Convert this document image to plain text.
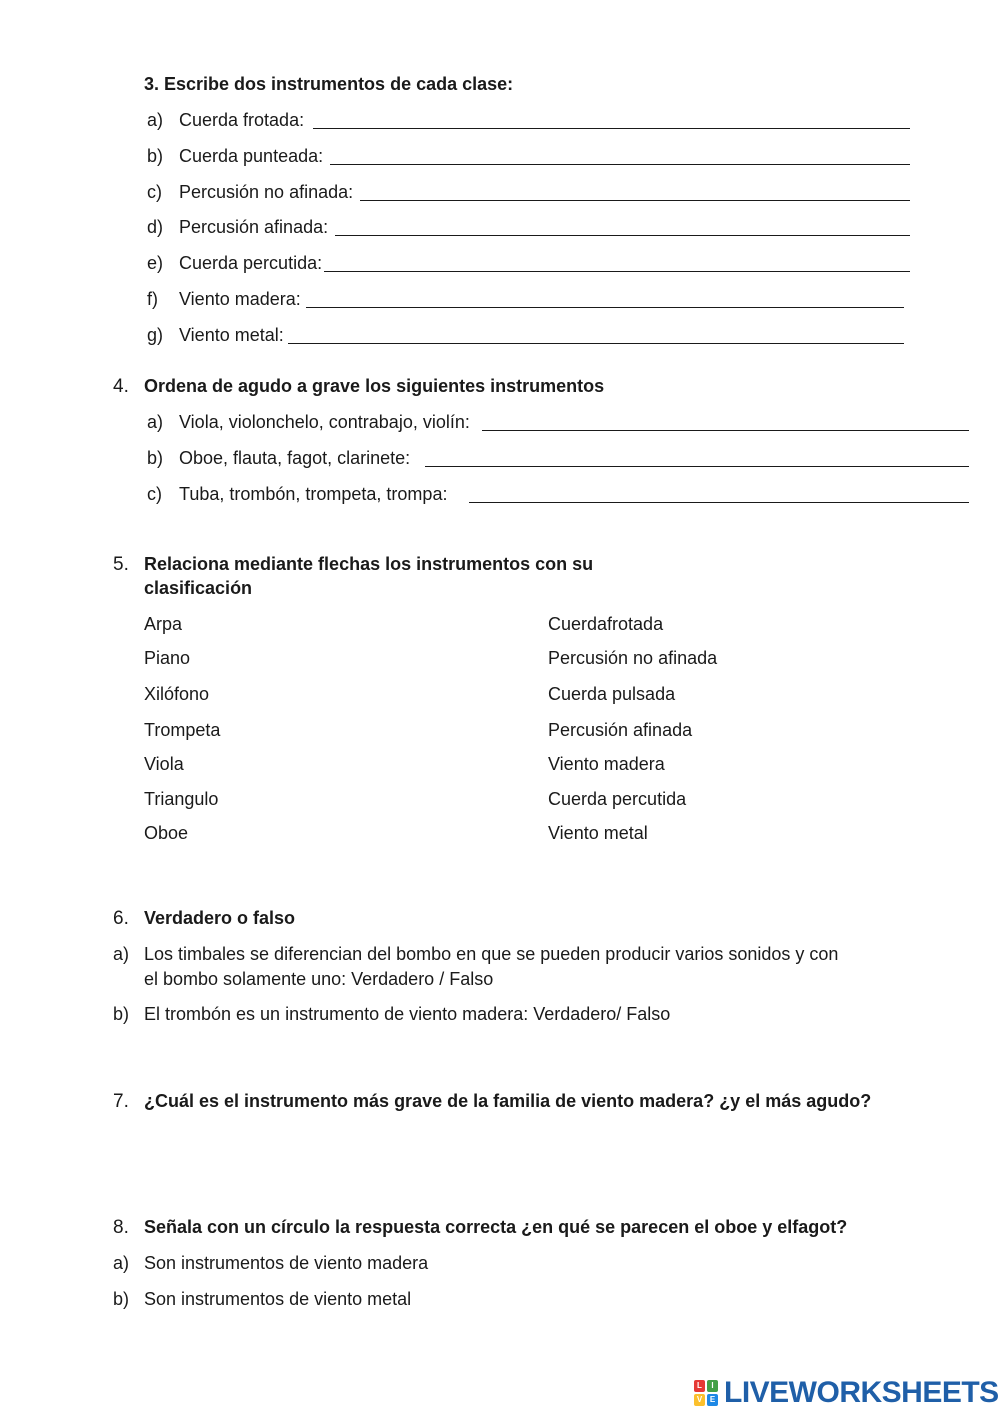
3. Escribe dos instrumentos de cada clase:
a) Cuerda frotada:
b) Cuerda punteada:
c) Percusión no afinada:
d) Percusión afinada:
e) Cuerda percutida:
f) Viento madera:
g) Viento metal:
4. Ordena de agudo a grave los siguientes instrumentos
a) Viola, violonchelo, contrabajo, violín:
b) Oboe, flauta, fagot, clarinete:
c) Tuba, trombón, trompeta, trompa:
5. Relaciona mediante flechas los instrumentos con su
clasificación
Arpa
Piano
Xilófono
Trompeta
Viola
Triangulo
Oboe
Cuerdafrotada
Percusión no afinada
Cuerda pulsada
Percusión afinada
Viento madera
Cuerda percutida
Viento metal
6. Verdadero o falso
a) Los timbales se diferencian del bombo en que se pueden producir varios sonidos y con
el bombo solamente uno: Verdadero / Falso
b) El trombón es un instrumento de viento madera: Verdadero/ Falso
7. ¿Cuál es el instrumento más grave de la familia de viento madera? ¿y el más agudo?
8. Señala con un círculo la respuesta correcta ¿en qué se parecen el oboe y elfagot?
a) Son instrumentos de viento madera
b) Son instrumentos de viento metal
L	I
V E LIVEWORKSHEETS
